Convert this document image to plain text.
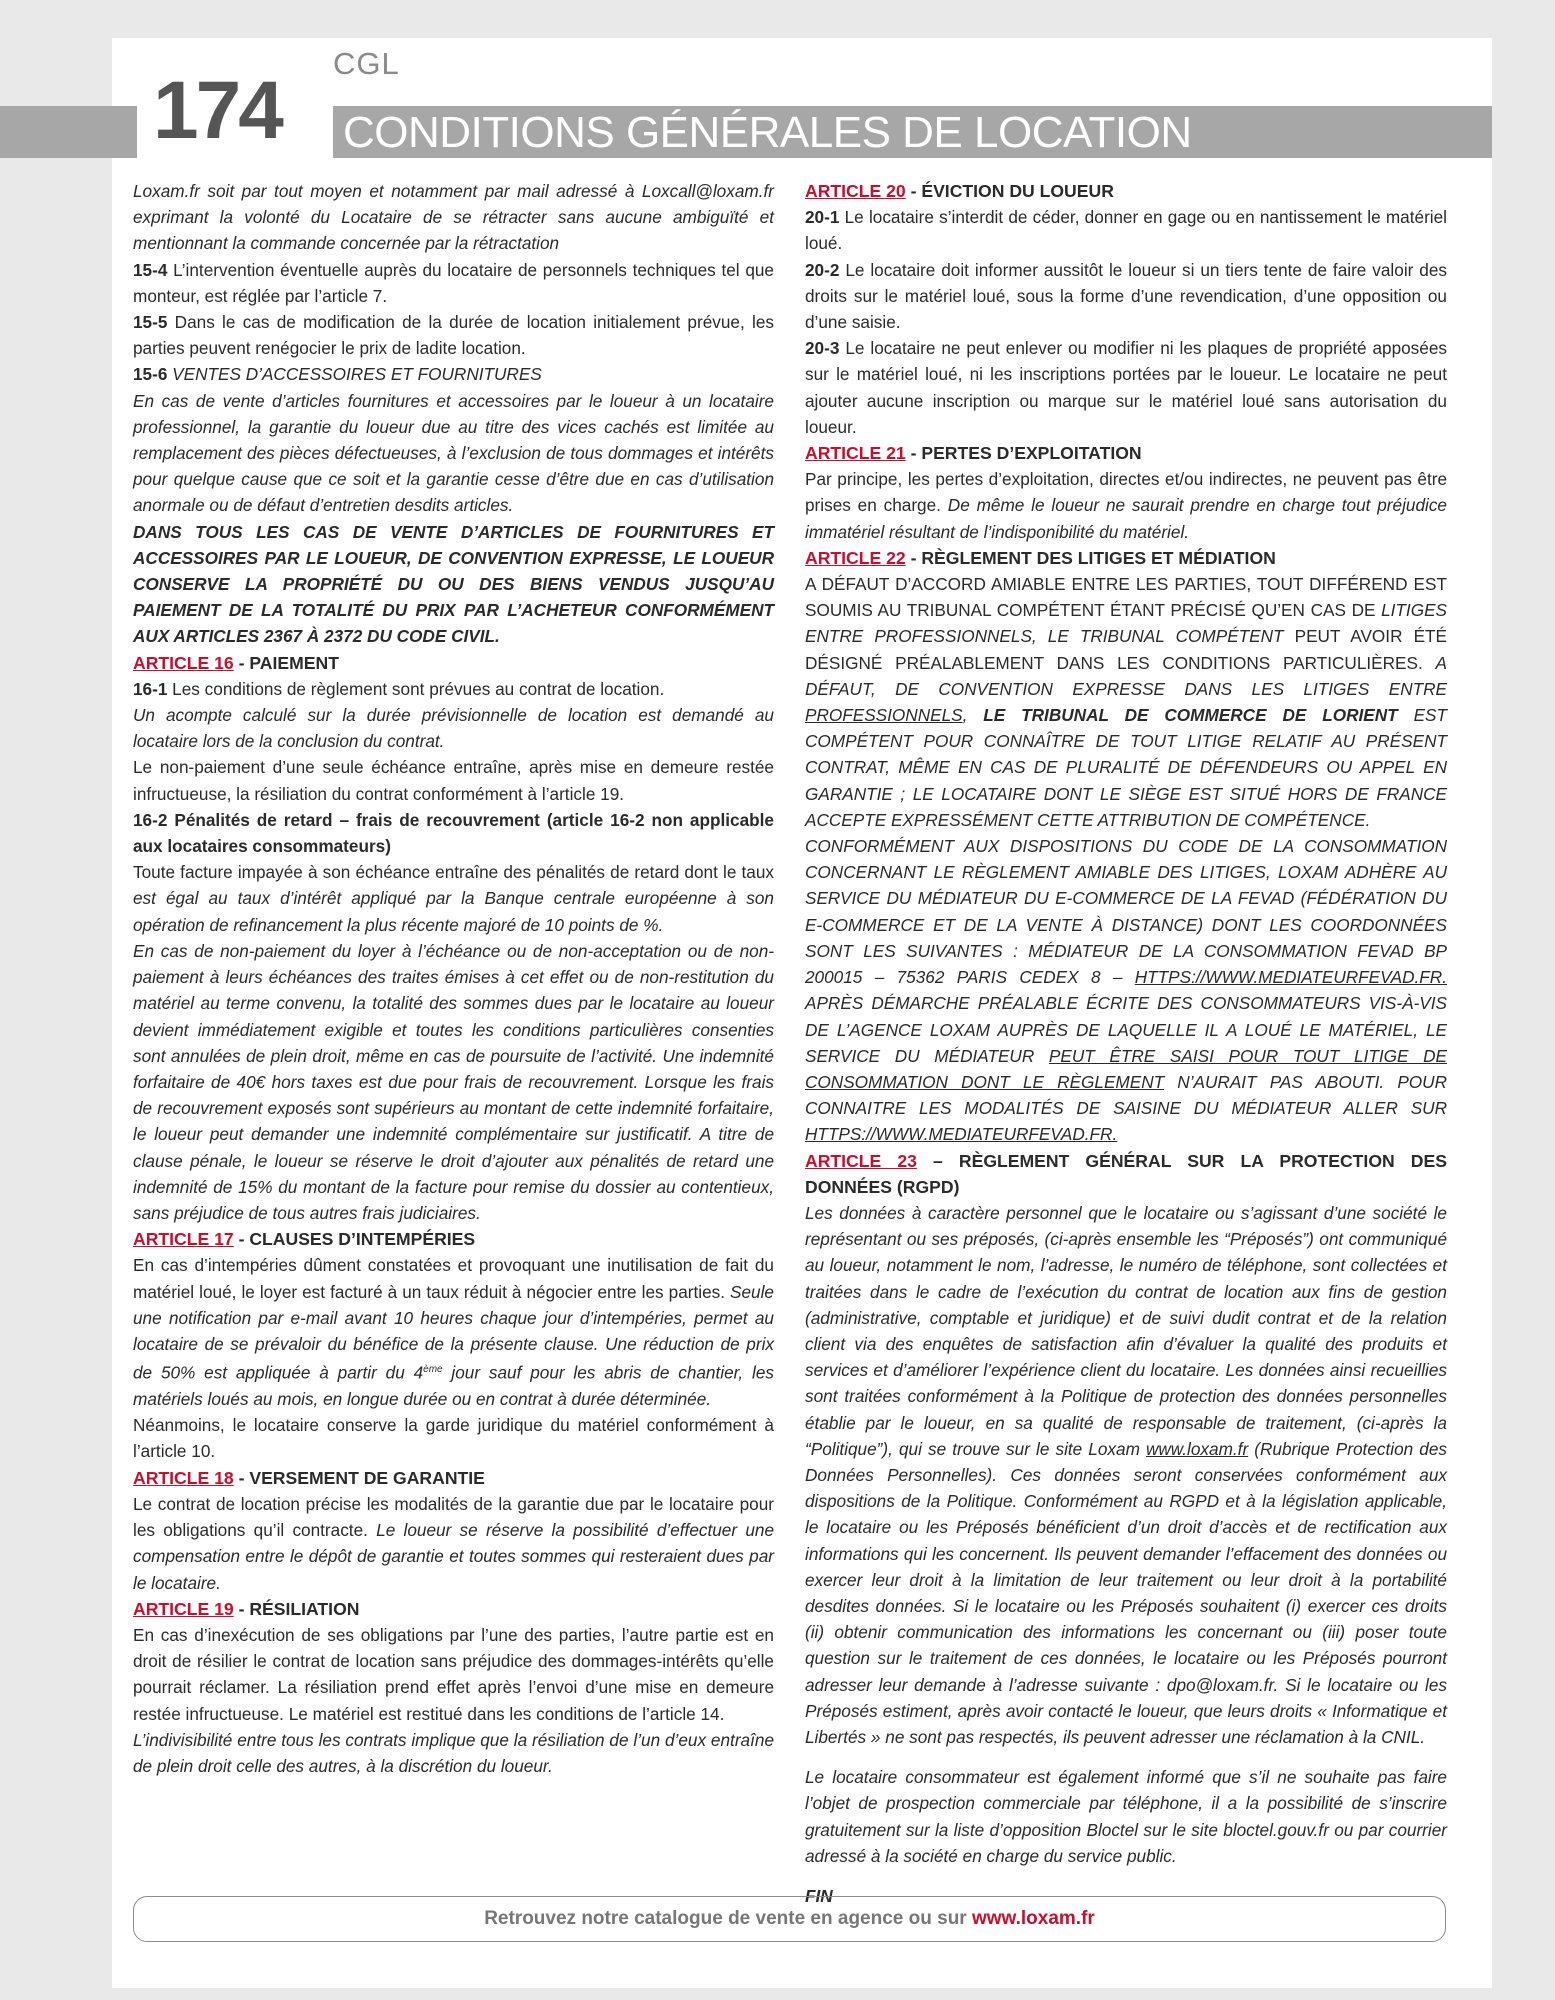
174
CGL
CONDITIONS GÉNÉRALES DE LOCATION

Loxam.fr soit par tout moyen et notamment par mail adressé à Loxcall@loxam.fr exprimant la volonté du Locataire de se rétracter sans aucune ambiguïté et mentionnant la commande concernée par la rétractation

15-4 L’intervention éventuelle auprès du locataire de personnels techniques tel que monteur, est réglée par l’article 7.

15-5 Dans le cas de modification de la durée de location initialement prévue, les parties peuvent renégocier le prix de ladite location.

15-6 VENTES D’ACCESSOIRES ET FOURNITURES

En cas de vente d’articles fournitures et accessoires par le loueur à un locataire professionnel, la garantie du loueur due au titre des vices cachés est limitée au remplacement des pièces défectueuses, à l’exclusion de tous dommages et intérêts pour quelque cause que ce soit et la garantie cesse d’être due en cas d’utilisation anormale ou de défaut d’entretien desdits articles.

DANS TOUS LES CAS DE VENTE D’ARTICLES DE FOURNITURES ET ACCESSOIRES PAR LE LOUEUR, DE CONVENTION EXPRESSE, LE LOUEUR CONSERVE LA PROPRIÉTÉ DU OU DES BIENS VENDUS JUSQU’AU PAIEMENT DE LA TOTALITÉ DU PRIX PAR L’ACHETEUR CONFORMÉMENT AUX ARTICLES 2367 À 2372 DU CODE CIVIL.

ARTICLE 16 - PAIEMENT

16-1 Les conditions de règlement sont prévues au contrat de location.

Un acompte calculé sur la durée prévisionnelle de location est demandé au locataire lors de la conclusion du contrat.

Le non-paiement d’une seule échéance entraîne, après mise en demeure restée infructueuse, la résiliation du contrat conformément à l’article 19.

16-2 Pénalités de retard – frais de recouvrement (article 16-2 non applicable aux locataires consommateurs)

Toute facture impayée à son échéance entraîne des pénalités de retard dont le taux est égal au taux d’intérêt appliqué par la Banque centrale européenne à son opération de refinancement la plus récente majoré de 10 points de %.

En cas de non-paiement du loyer à l’échéance ou de non-acceptation ou de non-paiement à leurs échéances des traites émises à cet effet ou de non-restitution du matériel au terme convenu, la totalité des sommes dues par le locataire au loueur devient immédiatement exigible et toutes les conditions particulières consenties sont annulées de plein droit, même en cas de poursuite de l’activité. Une indemnité forfaitaire de 40€ hors taxes est due pour frais de recouvrement. Lorsque les frais de recouvrement exposés sont supérieurs au montant de cette indemnité forfaitaire, le loueur peut demander une indemnité complémentaire sur justificatif. A titre de clause pénale, le loueur se réserve le droit d’ajouter aux pénalités de retard une indemnité de 15% du montant de la facture pour remise du dossier au contentieux, sans préjudice de tous autres frais judiciaires.

ARTICLE 17 - CLAUSES D’INTEMPÉRIES

En cas d’intempéries dûment constatées et provoquant une inutilisation de fait du matériel loué, le loyer est facturé à un taux réduit à négocier entre les parties. Seule une notification par e-mail avant 10 heures chaque jour d’intempéries, permet au locataire de se prévaloir du bénéfice de la présente clause. Une réduction de prix de 50% est appliquée à partir du 4ème jour sauf pour les abris de chantier, les matériels loués au mois, en longue durée ou en contrat à durée déterminée.

Néanmoins, le locataire conserve la garde juridique du matériel conformément à l’article 10.

ARTICLE 18 - VERSEMENT DE GARANTIE

Le contrat de location précise les modalités de la garantie due par le locataire pour les obligations qu’il contracte. Le loueur se réserve la possibilité d’effectuer une compensation entre le dépôt de garantie et toutes sommes qui resteraient dues par le locataire.

ARTICLE 19 - RÉSILIATION

En cas d’inexécution de ses obligations par l’une des parties, l’autre partie est en droit de résilier le contrat de location sans préjudice des dommages-intérêts qu’elle pourrait réclamer. La résiliation prend effet après l’envoi d’une mise en demeure restée infructueuse. Le matériel est restitué dans les conditions de l’article 14.

L’indivisibilité entre tous les contrats implique que la résiliation de l’un d’eux entraîne de plein droit celle des autres, à la discrétion du loueur.

ARTICLE 20 - ÉVICTION DU LOUEUR

20-1 Le locataire s’interdit de céder, donner en gage ou en nantissement le matériel loué.

20-2 Le locataire doit informer aussitôt le loueur si un tiers tente de faire valoir des droits sur le matériel loué, sous la forme d’une revendication, d’une opposition ou d’une saisie.

20-3 Le locataire ne peut enlever ou modifier ni les plaques de propriété apposées sur le matériel loué, ni les inscriptions portées par le loueur. Le locataire ne peut ajouter aucune inscription ou marque sur le matériel loué sans autorisation du loueur.

ARTICLE 21 - PERTES D’EXPLOITATION

Par principe, les pertes d’exploitation, directes et/ou indirectes, ne peuvent pas être prises en charge. De même le loueur ne saurait prendre en charge tout préjudice immatériel résultant de l’indisponibilité du matériel.

ARTICLE 22 - RÈGLEMENT DES LITIGES ET MÉDIATION

A DÉFAUT D’ACCORD AMIABLE ENTRE LES PARTIES, TOUT DIFFÉREND EST SOUMIS AU TRIBUNAL COMPÉTENT ÉTANT PRÉCISÉ QU’EN CAS DE LITIGES ENTRE PROFESSIONNELS, LE TRIBUNAL COMPÉTENT PEUT AVOIR ÉTÉ DÉSIGNÉ PRÉALABLEMENT DANS LES CONDITIONS PARTICULIÈRES. A DÉFAUT, DE CONVENTION EXPRESSE DANS LES LITIGES ENTRE PROFESSIONNELS, LE TRIBUNAL DE COMMERCE DE LORIENT EST COMPÉTENT POUR CONNAÎTRE DE TOUT LITIGE RELATIF AU PRÉSENT CONTRAT, MÊME EN CAS DE PLURALITÉ DE DÉFENDEURS OU APPEL EN GARANTIE ; LE LOCATAIRE DONT LE SIÈGE EST SITUÉ HORS DE FRANCE ACCEPTE EXPRESSÉMENT CETTE ATTRIBUTION DE COMPÉTENCE.

CONFORMÉMENT AUX DISPOSITIONS DU CODE DE LA CONSOMMATION CONCERNANT LE RÈGLEMENT AMIABLE DES LITIGES, LOXAM ADHÈRE AU SERVICE DU MÉDIATEUR DU E-COMMERCE DE LA FEVAD (FÉDÉRATION DU E-COMMERCE ET DE LA VENTE À DISTANCE) DONT LES COORDONNÉES SONT LES SUIVANTES : MÉDIATEUR DE LA CONSOMMATION FEVAD BP 200015 – 75362 PARIS CEDEX 8 – HTTPS://WWW.MEDIATEURFEVAD.FR. APRÈS DÉMARCHE PRÉALABLE ÉCRITE DES CONSOMMATEURS VIS-À-VIS DE L’AGENCE LOXAM AUPRÈS DE LAQUELLE IL A LOUÉ LE MATÉRIEL, LE SERVICE DU MÉDIATEUR PEUT ÊTRE SAISI POUR TOUT LITIGE DE CONSOMMATION DONT LE RÈGLEMENT N’AURAIT PAS ABOUTI. POUR CONNAITRE LES MODALITÉS DE SAISINE DU MÉDIATEUR ALLER SUR HTTPS://WWW.MEDIATEURFEVAD.FR.

ARTICLE 23 – RÈGLEMENT GÉNÉRAL SUR LA PROTECTION DES DONNÉES (RGPD)

Les données à caractère personnel que le locataire ou s’agissant d’une société le représentant ou ses préposés, (ci-après ensemble les “Préposés”) ont communiqué au loueur, notamment le nom, l’adresse, le numéro de téléphone, sont collectées et traitées dans le cadre de l’exécution du contrat de location aux fins de gestion (administrative, comptable et juridique) et de suivi dudit contrat et de la relation client via des enquêtes de satisfaction afin d’évaluer la qualité des produits et services et d’améliorer l’expérience client du locataire. Les données ainsi recueillies sont traitées conformément à la Politique de protection des données personnelles établie par le loueur, en sa qualité de responsable de traitement, (ci-après la “Politique”), qui se trouve sur le site Loxam www.loxam.fr (Rubrique Protection des Données Personnelles). Ces données seront conservées conformément aux dispositions de la Politique. Conformément au RGPD et à la législation applicable, le locataire ou les Préposés bénéficient d’un droit d’accès et de rectification aux informations qui les concernent. Ils peuvent demander l’effacement des données ou exercer leur droit à la limitation de leur traitement ou leur droit à la portabilité desdites données. Si le locataire ou les Préposés souhaitent (i) exercer ces droits (ii) obtenir communication des informations les concernant ou (iii) poser toute question sur le traitement de ces données, le locataire ou les Préposés pourront adresser leur demande à l’adresse suivante : dpo@loxam.fr. Si le locataire ou les Préposés estiment, après avoir contacté le loueur, que leurs droits « Informatique et Libertés » ne sont pas respectés, ils peuvent adresser une réclamation à la CNIL.

Le locataire consommateur est également informé que s’il ne souhaite pas faire l’objet de prospection commerciale par téléphone, il a la possibilité de s’inscrire gratuitement sur la liste d’opposition Bloctel sur le site bloctel.gouv.fr ou par courrier adressé à la société en charge du service public.

FIN

Retrouvez notre catalogue de vente en agence ou sur www.loxam.fr
